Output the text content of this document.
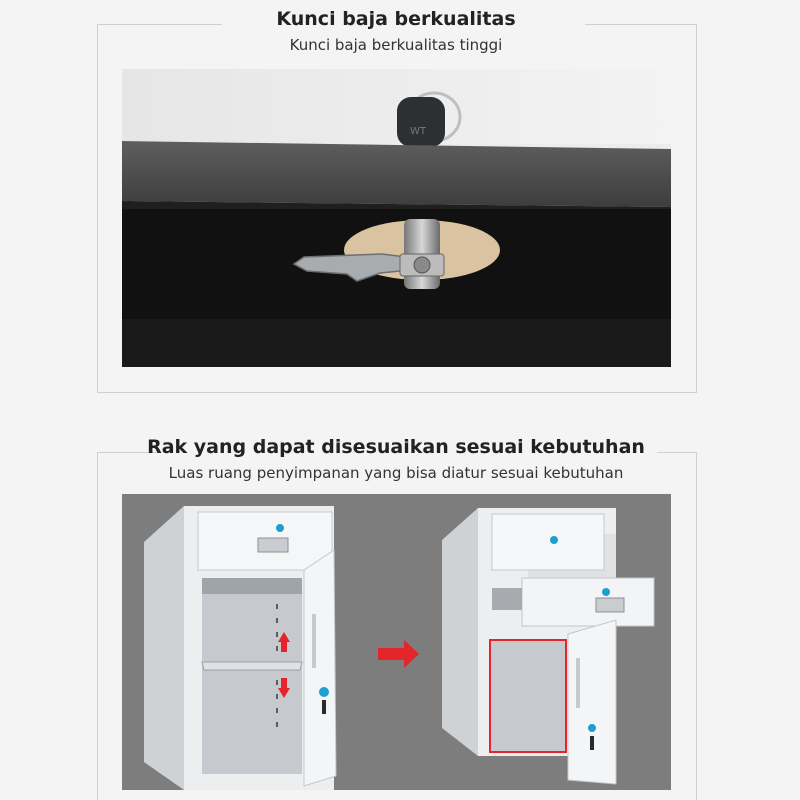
Kunci baja berkualitas
Kunci baja berkualitas tinggi
WT
Rak yang dapat disesuaikan sesuai kebutuhan
Luas ruang penyimpanan yang bisa diatur sesuai kebutuhan
